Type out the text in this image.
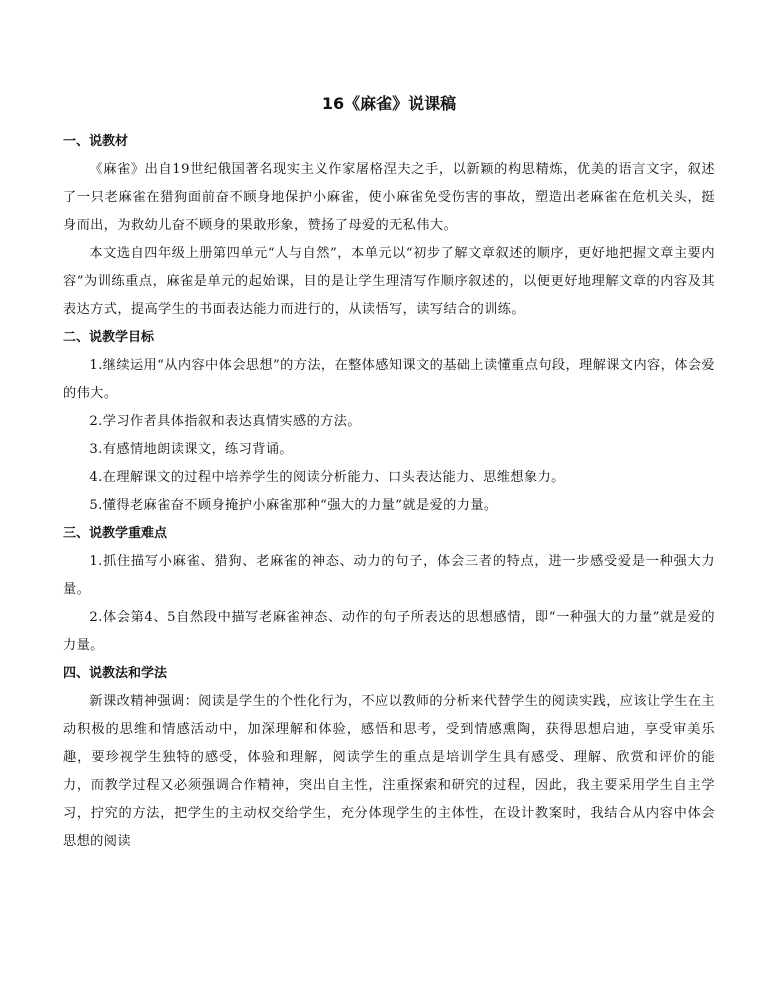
16《麻雀》说课稿
一、说教材

《麻雀》出自19世纪俄国著名现实主义作家屠格涅夫之手，以新颖的构思精炼，优美的语言文字，叙述了一只老麻雀在猎狗面前奋不顾身地保护小麻雀，使小麻雀免受伤害的事故，塑造出老麻雀在危机关头，挺身而出，为救幼儿奋不顾身的果敢形象，赞扬了母爱的无私伟大。

本文选自四年级上册第四单元“人与自然”，本单元以“初步了解文章叙述的顺序，更好地把握文章主要内容”为训练重点，麻雀是单元的起始课，目的是让学生理清写作顺序叙述的，以便更好地理解文章的内容及其表达方式，提高学生的书面表达能力而进行的，从读悟写，读写结合的训练。

二、说教学目标

1.继续运用“从内容中体会思想”的方法，在整体感知课文的基础上读懂重点句段，理解课文内容，体会爱的伟大。

2.学习作者具体指叙和表达真情实感的方法。

3.有感情地朗读课文，练习背诵。

4.在理解课文的过程中培养学生的阅读分析能力、口头表达能力、思维想象力。

5.懂得老麻雀奋不顾身掩护小麻雀那种“强大的力量”就是爱的力量。

三、说教学重难点

1.抓住描写小麻雀、猎狗、老麻雀的神态、动力的句子，体会三者的特点，进一步感受爱是一种强大力量。

2.体会第4、5自然段中描写老麻雀神态、动作的句子所表达的思想感情，即“一种强大的力量”就是爱的力量。

四、说教法和学法

新课改精神强调：阅读是学生的个性化行为，不应以教师的分析来代替学生的阅读实践，应该让学生在主动积极的思维和情感活动中，加深理解和体验，感悟和思考，受到情感熏陶，获得思想启迪，享受审美乐趣，要珍视学生独特的感受，体验和理解，阅读学生的重点是培训学生具有感受、理解、欣赏和评价的能力，而教学过程又必须强调合作精神，突出自主性，注重探索和研究的过程，因此，我主要采用学生自主学习，拧究的方法，把学生的主动权交给学生，充分体现学生的主体性，在设计教案时，我结合从内容中体会思想的阅读
